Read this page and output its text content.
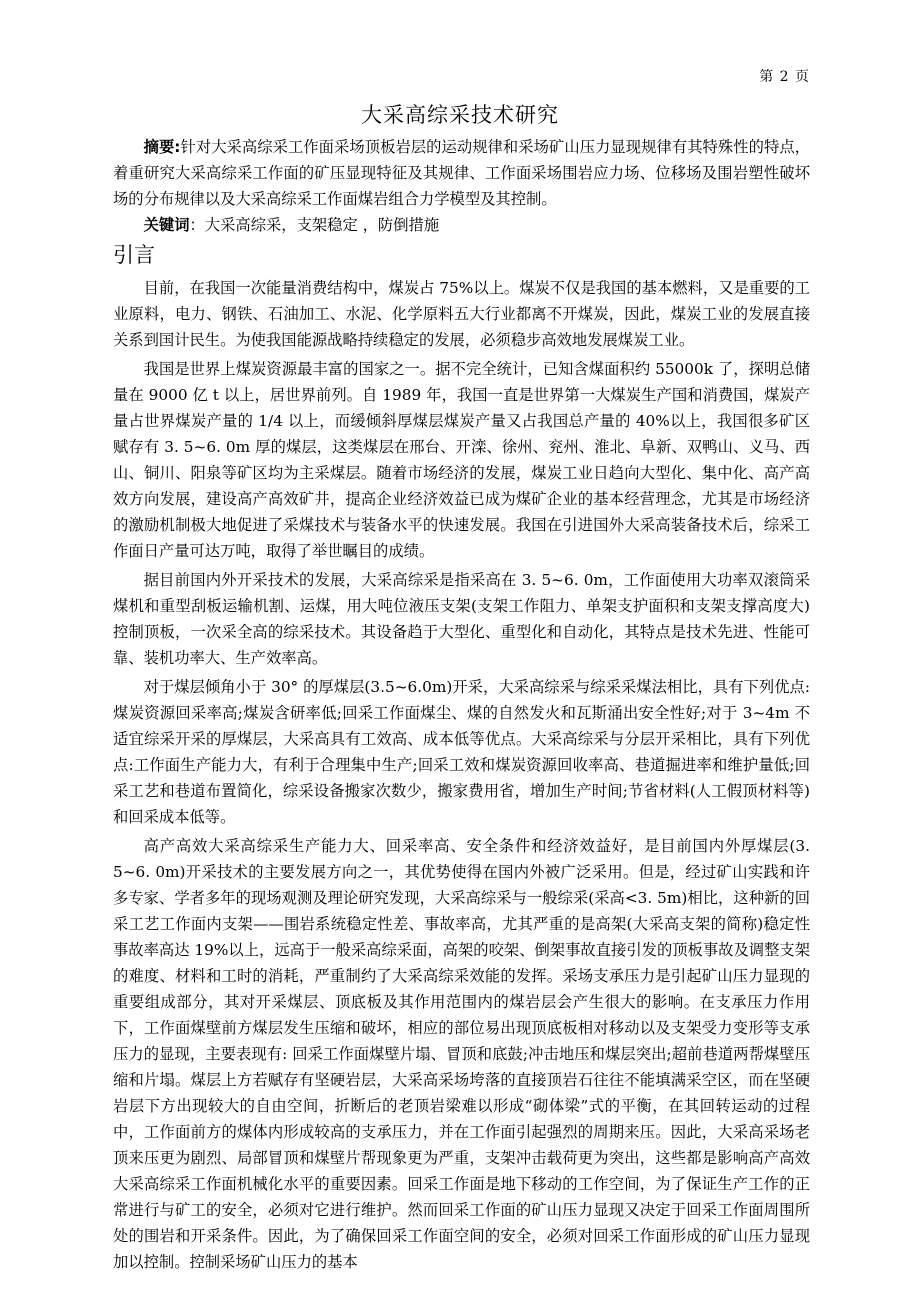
第 2 页
大采高综采技术研究

摘要:针对大采高综采工作面采场顶板岩层的运动规律和采场矿山压力显现规律有其特殊性的特点，着重研究大采高综采工作面的矿压显现特征及其规律、工作面采场围岩应力场、位移场及围岩塑性破坏场的分布规律以及大采高综采工作面煤岩组合力学模型及其控制。

关键词：大采高综采，支架稳定 ，防倒措施

引言

目前，在我国一次能量消费结构中，煤炭占 75%以上。煤炭不仅是我国的基本燃料，又是重要的工业原料，电力、钢铁、石油加工、水泥、化学原料五大行业都离不开煤炭，因此，煤炭工业的发展直接关系到国计民生。为使我国能源战略持续稳定的发展，必须稳步高效地发展煤炭工业。

我国是世界上煤炭资源最丰富的国家之一。据不完全统计，已知含煤面积约 55000k 了，探明总储量在 9000 亿 t 以上，居世界前列。自 1989 年，我国一直是世界第一大煤炭生产国和消费国，煤炭产量占世界煤炭产量的 1/4 以上，而缓倾斜厚煤层煤炭产量又占我国总产量的 40%以上，我国很多矿区赋存有 3. 5~6. 0m 厚的煤层，这类煤层在邢台、开滦、徐州、兖州、淮北、阜新、双鸭山、义马、西山、铜川、阳泉等矿区均为主采煤层。随着市场经济的发展，煤炭工业日趋向大型化、集中化、高产高效方向发展，建设高产高效矿井，提高企业经济效益已成为煤矿企业的基本经营理念，尤其是市场经济的激励机制极大地促进了采煤技术与装备水平的快速发展。我国在引进国外大采高装备技术后，综采工作面日产量可达万吨，取得了举世瞩目的成绩。

据目前国内外开采技术的发展，大采高综采是指采高在 3. 5~6. 0m，工作面使用大功率双滚筒采煤机和重型刮板运输机割、运煤，用大吨位液压支架(支架工作阻力、单架支护面积和支架支撑高度大)控制顶板，一次采全高的综采技术。其设备趋于大型化、重型化和自动化，其特点是技术先进、性能可靠、装机功率大、生产效率高。

对于煤层倾角小于 30° 的厚煤层(3.5~6.0m)开采，大采高综采与综采采煤法相比，具有下列优点:煤炭资源回采率高;煤炭含研率低;回采工作面煤尘、煤的自然发火和瓦斯涌出安全性好;对于 3~4m 不适宜综采开采的厚煤层，大采高具有工效高、成本低等优点。大采高综采与分层开采相比，具有下列优点:工作面生产能力大，有利于合理集中生产;回采工效和煤炭资源回收率高、巷道掘进率和维护量低;回采工艺和巷道布置简化，综采设备搬家次数少，搬家费用省，增加生产时间;节省材料(人工假顶材料等)和回采成本低等。

高产高效大采高综采生产能力大、回采率高、安全条件和经济效益好，是目前国内外厚煤层(3. 5~6. 0m)开采技术的主要发展方向之一，其优势使得在国内外被广泛采用。但是，经过矿山实践和许多专家、学者多年的现场观测及理论研究发现，大采高综采与一般综采(采高<3. 5m)相比，这种新的回采工艺工作面内支架——围岩系统稳定性差、事故率高，尤其严重的是高架(大采高支架的简称)稳定性事故率高达 19%以上，远高于一般采高综采面，高架的咬架、倒架事故直接引发的顶板事故及调整支架的难度、材料和工时的消耗，严重制约了大采高综采效能的发挥。采场支承压力是引起矿山压力显现的重要组成部分，其对开采煤层、顶底板及其作用范围内的煤岩层会产生很大的影响。在支承压力作用下，工作面煤壁前方煤层发生压缩和破坏，相应的部位易出现顶底板相对移动以及支架受力变形等支承压力的显现，主要表现有: 回采工作面煤壁片塌、冒顶和底鼓;冲击地压和煤层突出;超前巷道两帮煤壁压缩和片塌。煤层上方若赋存有坚硬岩层，大采高采场垮落的直接顶岩石往往不能填满采空区，而在坚硬岩层下方出现较大的自由空间，折断后的老顶岩梁难以形成“砌体梁”式的平衡，在其回转运动的过程中，工作面前方的煤体内形成较高的支承压力，并在工作面引起强烈的周期来压。因此，大采高采场老顶来压更为剧烈、局部冒顶和煤壁片帮现象更为严重，支架冲击载荷更为突出，这些都是影响高产高效大采高综采工作面机械化水平的重要因素。回采工作面是地下移动的工作空间，为了保证生产工作的正常进行与矿工的安全，必须对它进行维护。然而回采工作面的矿山压力显现又决定于回采工作面周围所处的围岩和开采条件。因此，为了确保回采工作面空间的安全，必须对回采工作面形成的矿山压力显现加以控制。控制采场矿山压力的基本
